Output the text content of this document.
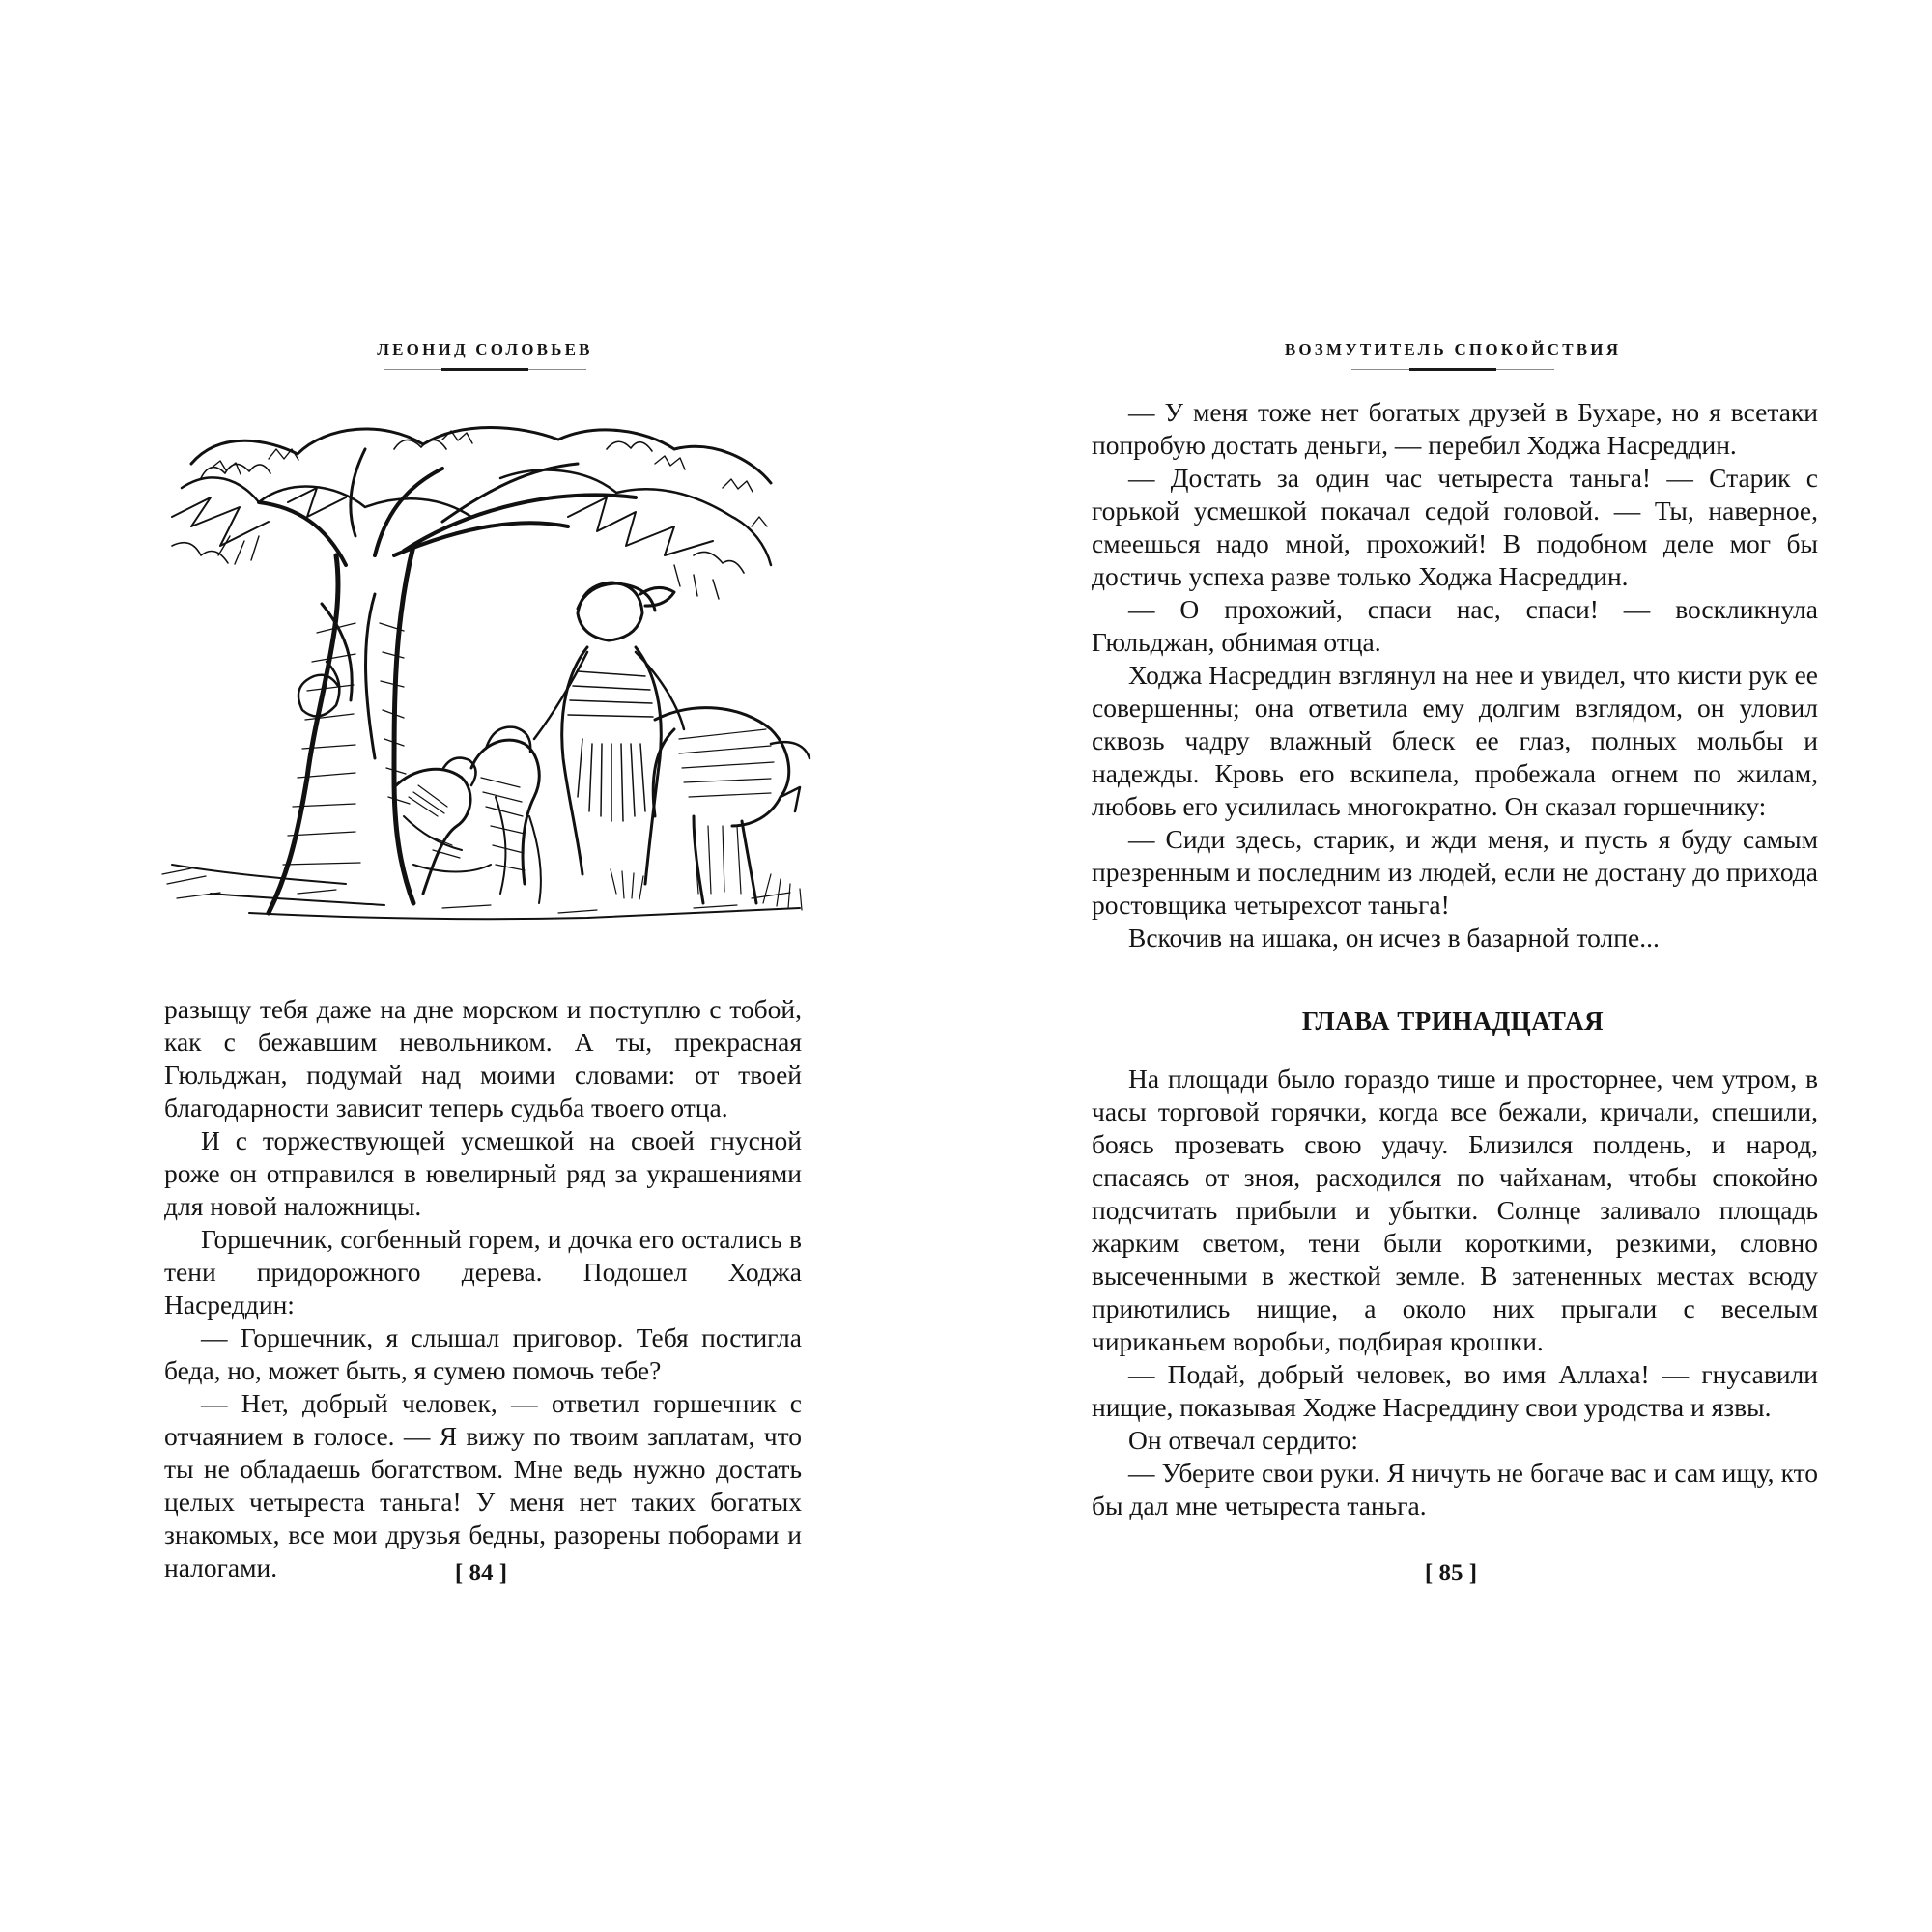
ЛЕОНИД СОЛОВЬЕВ

разыщу тебя даже на дне морском и поступлю с тобой, как с бежавшим невольником. А ты, прекрасная Гюльджан, подумай над моими словами: от твоей благодарности зависит теперь судьба твоего отца.

И с торжествующей усмешкой на своей гнусной роже он отправился в ювелирный ряд за украшениями для новой наложницы.

Горшечник, согбенный горем, и дочка его остались в тени придорожного дерева. Подошел Ходжа Насреддин:

— Горшечник, я слышал приговор. Тебя постигла беда, но, может быть, я сумею помочь тебе?

— Нет, добрый человек, — ответил горшечник с отчаянием в голосе. — Я вижу по твоим заплатам, что ты не обладаешь богатством. Мне ведь нужно достать целых четыреста таньга! У меня нет таких богатых знакомых, все мои друзья бедны, разорены поборами и налогами.	[ 84 ]
ВОЗМУТИТЕЛЬ СПОКОЙСТВИЯ

— У меня тоже нет богатых друзей в Бухаре, но я всетаки попробую достать деньги, — перебил Ходжа Насреддин.

— Достать за один час четыреста таньга! — Старик с горькой усмешкой покачал седой головой. — Ты, наверное, смеешься надо мной, прохожий! В подобном деле мог бы достичь успеха разве только Ходжа Насреддин.

— О прохожий, спаси нас, спаси! — воскликнула Гюльджан, обнимая отца.

Ходжа Насреддин взглянул на нее и увидел, что кисти рук ее совершенны; она ответила ему долгим взглядом, он уловил сквозь чадру влажный блеск ее глаз, полных мольбы и надежды. Кровь его вскипела, пробежала огнем по жилам, любовь его усилилась многократно. Он сказал горшечнику:

— Сиди здесь, старик, и жди меня, и пусть я буду самым презренным и последним из людей, если не достану до прихода ростовщика четырехсот таньга!

Вскочив на ишака, он исчез в базарной толпе...

ГЛАВА ТРИНАДЦАТАЯ

На площади было гораздо тише и просторнее, чем утром, в часы торговой горячки, когда все бежали, кричали, спешили, боясь прозевать свою удачу. Близился полдень, и народ, спасаясь от зноя, расходился по чайханам, чтобы спокойно подсчитать прибыли и убытки. Солнце заливало площадь жарким светом, тени были короткими, резкими, словно высеченными в жесткой земле. В затененных местах всюду приютились нищие, а около них прыгали с веселым чириканьем воробьи, подбирая крошки.

— Подай, добрый человек, во имя Аллаха! — гнусавили нищие, показывая Ходже Насреддину свои уродства и язвы.

Он отвечал сердито:

— Уберите свои руки. Я ничуть не богаче вас и сам ищу, кто бы дал мне четыреста таньга.

[ 85 ]
